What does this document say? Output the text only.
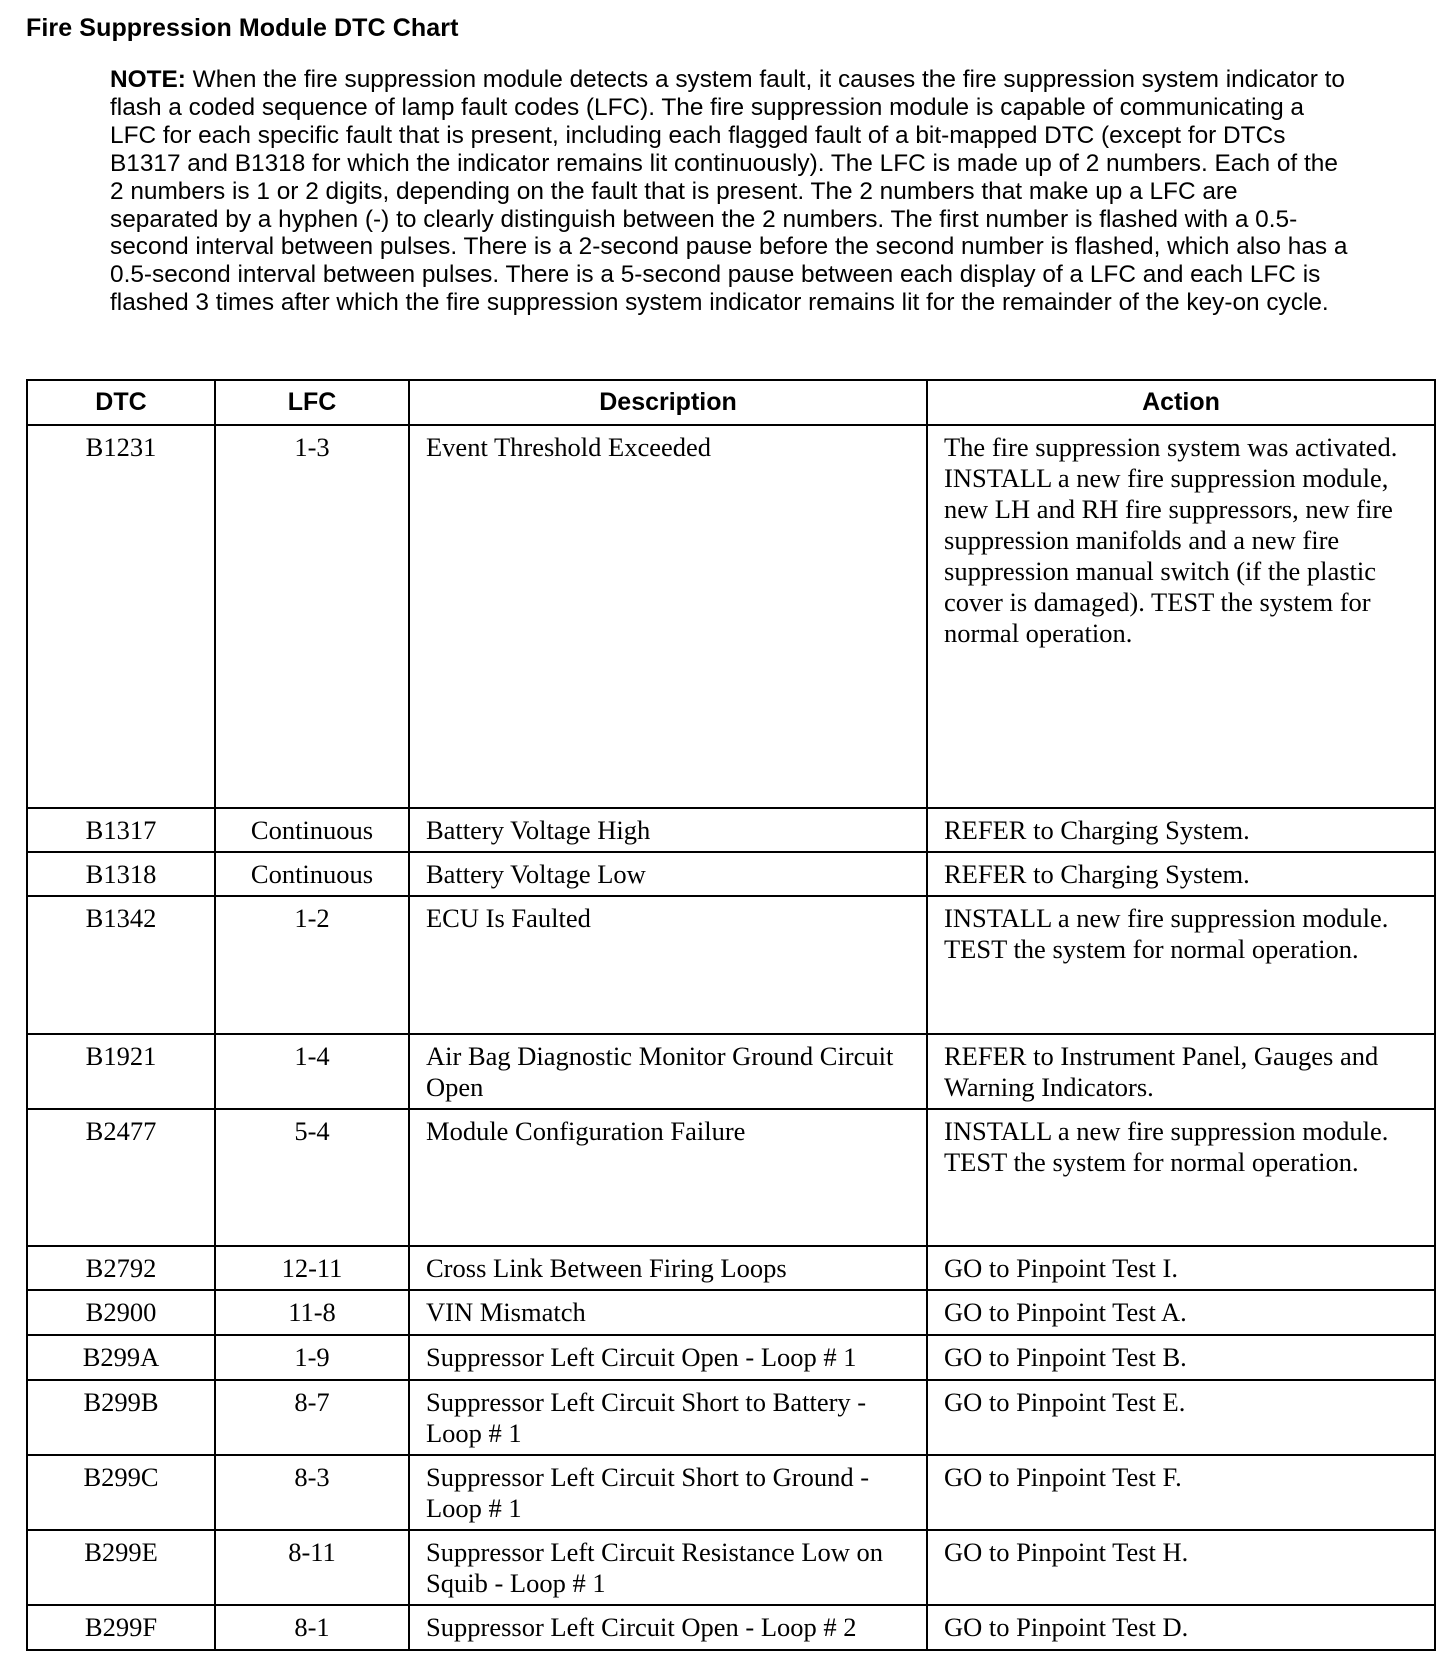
Fire Suppression Module DTC Chart
NOTE: When the fire suppression module detects a system fault, it causes the fire suppression system indicator to flash a coded sequence of lamp fault codes (LFC). The fire suppression module is capable of communicating a LFC for each specific fault that is present, including each flagged fault of a bit-mapped DTC (except for DTCs B1317 and B1318 for which the indicator remains lit continuously). The LFC is made up of 2 numbers. Each of the 2 numbers is 1 or 2 digits, depending on the fault that is present. The 2 numbers that make up a LFC are separated by a hyphen (-) to clearly distinguish between the 2 numbers. The first number is flashed with a 0.5-second interval between pulses. There is a 2-second pause before the second number is flashed, which also has a 0.5-second interval between pulses. There is a 5-second pause between each display of a LFC and each LFC is flashed 3 times after which the fire suppression system indicator remains lit for the remainder of the key-on cycle.
DTC	LFC	Description	Action
B1231	1-3	Event Threshold Exceeded	The fire suppression system was activated. INSTALL a new fire suppression module, new LH and RH fire suppressors, new fire suppression manifolds and a new fire suppression manual switch (if the plastic cover is damaged). TEST the system for normal operation.
B1317	Continuous	Battery Voltage High	REFER to Charging System.
B1318	Continuous	Battery Voltage Low	REFER to Charging System.
B1342	1-2	ECU Is Faulted	INSTALL a new fire suppression module. TEST the system for normal operation.
B1921	1-4	Air Bag Diagnostic Monitor Ground Circuit Open	REFER to Instrument Panel, Gauges and Warning Indicators.
B2477	5-4	Module Configuration Failure	INSTALL a new fire suppression module. TEST the system for normal operation.
B2792	12-11	Cross Link Between Firing Loops	GO to Pinpoint Test I.
B2900	11-8	VIN Mismatch	GO to Pinpoint Test A.
B299A	1-9	Suppressor Left Circuit Open - Loop # 1	GO to Pinpoint Test B.
B299B	8-7	Suppressor Left Circuit Short to Battery - Loop # 1	GO to Pinpoint Test E.
B299C	8-3	Suppressor Left Circuit Short to Ground - Loop # 1	GO to Pinpoint Test F.
B299E	8-11	Suppressor Left Circuit Resistance Low on Squib - Loop # 1	GO to Pinpoint Test H.
B299F	8-1	Suppressor Left Circuit Open - Loop # 2	GO to Pinpoint Test D.
